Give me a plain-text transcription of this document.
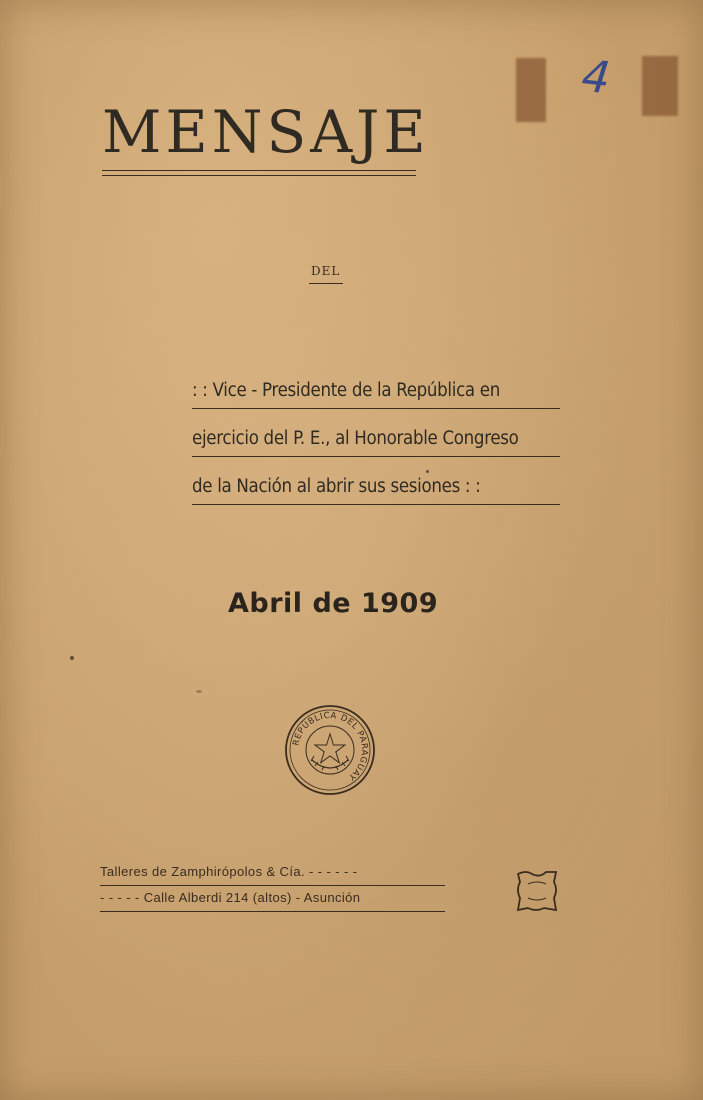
4
MENSAJE
DEL
: : Vice - Presidente de la República en
ejercicio del P. E., al Honorable Congreso
de la Nación al abrir sus sesiones : :
Abril de 1909
REPÚBLICA DEL PARAGUAY
Talleres de Zamphirópolos & Cía. - - - - - -
- - - - - Calle Alberdi 214 (altos) - Asunción
